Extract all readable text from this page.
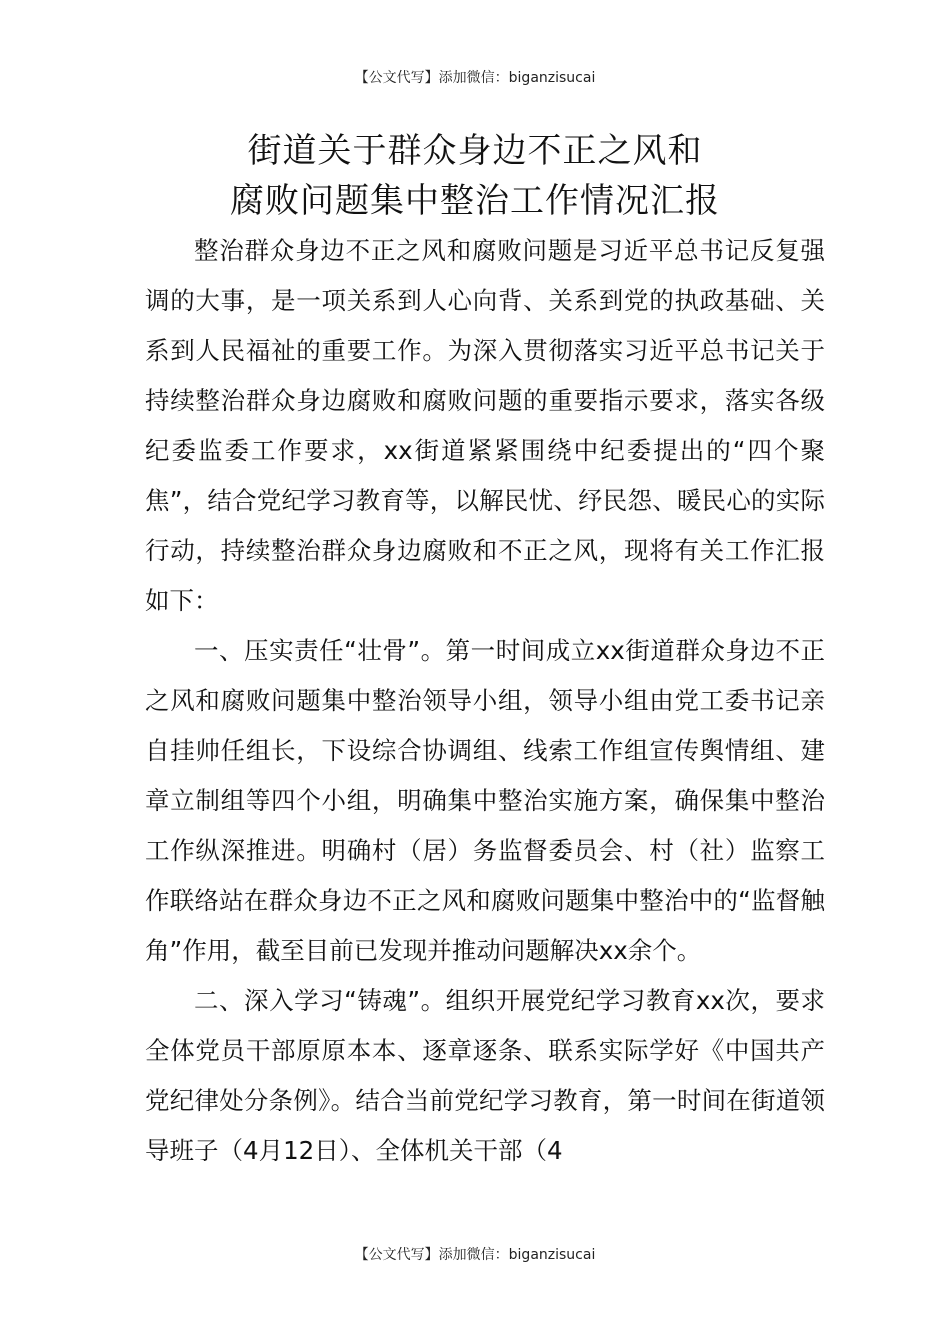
【公文代写】添加微信：biganzisucai
街道关于群众身边不正之风和
腐败问题集中整治工作情况汇报

整治群众身边不正之风和腐败问题是习近平总书记反复强调的大事，是一项关系到人心向背、关系到党的执政基础、关系到人民福祉的重要工作。为深入贯彻落实习近平总书记关于持续整治群众身边腐败和腐败问题的重要指示要求，落实各级纪委监委工作要求，xx街道紧紧围绕中纪委提出的“四个聚焦”，结合党纪学习教育等，以解民忧、纾民怨、暖民心的实际行动，持续整治群众身边腐败和不正之风，现将有关工作汇报如下：

一、压实责任“壮骨”。第一时间成立xx街道群众身边不正之风和腐败问题集中整治领导小组，领导小组由党工委书记亲自挂帅任组长，下设综合协调组、线索工作组宣传舆情组、建章立制组等四个小组，明确集中整治实施方案，确保集中整治工作纵深推进。明确村（居）务监督委员会、村（社）监察工作联络站在群众身边不正之风和腐败问题集中整治中的“监督触角”作用，截至目前已发现并推动问题解决xx余个。

二、深入学习“铸魂”。组织开展党纪学习教育xx次，要求全体党员干部原原本本、逐章逐条、联系实际学好《中国共产党纪律处分条例》。结合当前党纪学习教育，第一时间在街道领导班子（4月12日）、全体机关干部（4

【公文代写】添加微信：biganzisucai
